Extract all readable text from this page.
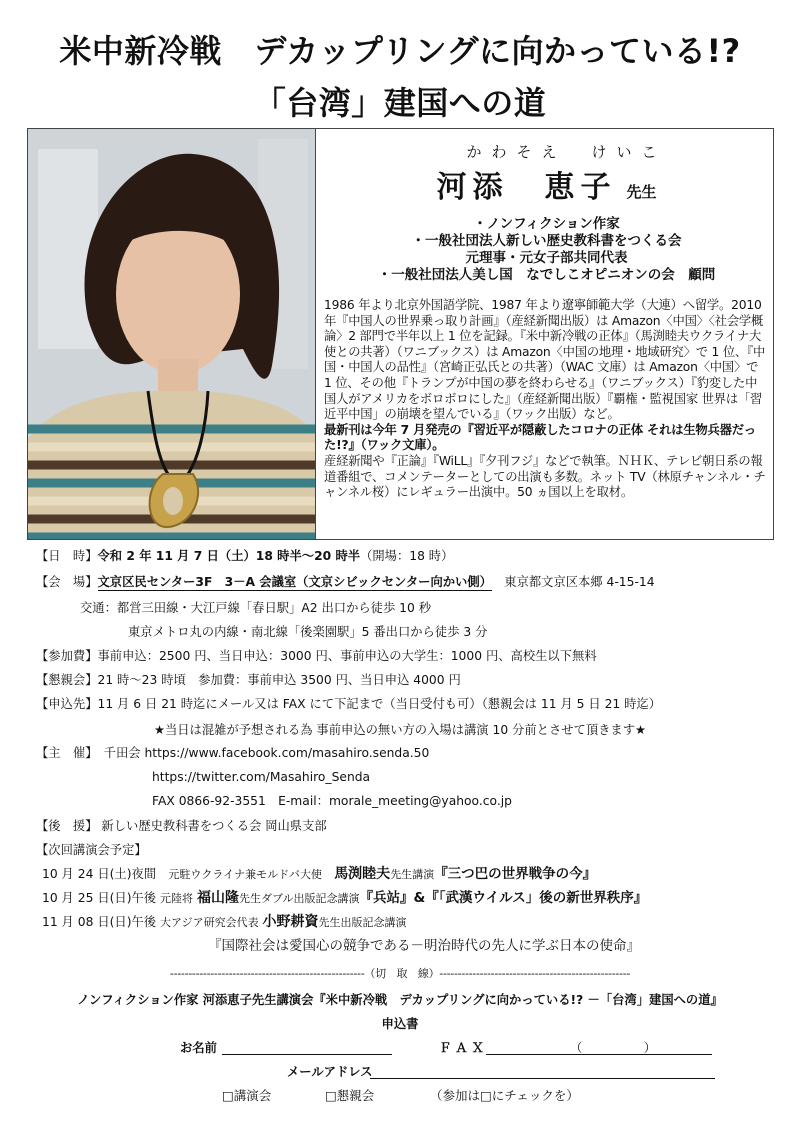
米中新冷戦　デカップリングに向かっている!?
「台湾」建国への道
かわそえ　けいこ
河添　恵子 先生
・ノンフィクション作家
・一般社団法人新しい歴史教科書をつくる会
元理事・元女子部共同代表
・一般社団法人美し国　なでしこオピニオンの会　顧問
1986 年より北京外国語学院、1987 年より遼寧師範大学（大連）へ留学。2010 年『中国人の世界乗っ取り計画』（産経新聞出版）は Amazon〈中国〉〈社会学概論〉2 部門で半年以上 1 位を記録。『米中新冷戦の正体』（馬渕睦夫ウクライナ大使との共著）（ワニブックス）は Amazon〈中国の地理・地域研究〉で 1 位、『中国・中国人の品性』（宮崎正弘氏との共著）（WAC 文庫）は Amazon〈中国〉で 1 位、その他『トランプが中国の夢を終わらせる』（ワニブックス）『豹変した中国人がアメリカをボロボロにした』（産経新聞出版）『覇権・監視国家 世界は「習近平中国」の崩壊を望んでいる』（ワック出版）など。
最新刊は今年 7 月発売の『習近平が隠蔽したコロナの正体 それは生物兵器だった!?』（ワック文庫）。
産経新聞や『正論』『WiLL』『夕刊フジ』などで執筆。ＮＨＫ、テレビ朝日系の報道番組で、コメンテーターとしての出演も多数。ネット TV（林原チャンネル・チャンネル桜）にレギュラー出演中。50 ヵ国以上を取材。
【日　時】令和 2 年 11 月 7 日（土）18 時半～20 時半（開場：18 時）
【会　場】文京区民センター3F　3－A 会議室（文京シビックセンター向かい側）　 東京都文京区本郷 4-15-14
交通：都営三田線・大江戸線「春日駅」A2 出口から徒歩 10 秒
東京メトロ丸の内線・南北線「後楽園駅」5 番出口から徒歩 3 分
【参加費】事前申込：2500 円、当日申込：3000 円、事前申込の大学生：1000 円、高校生以下無料
【懇親会】21 時～23 時頃　参加費：事前申込 3500 円、当日申込 4000 円
【申込先】11 月 6 日 21 時迄にメール又は FAX にて下記まで（当日受付も可）（懇親会は 11 月 5 日 21 時迄）
★当日は混雑が予想される為 事前申込の無い方の入場は講演 10 分前とさせて頂きます★
【主　催】　 千田会 https://www.facebook.com/masahiro.senda.50
https://twitter.com/Masahiro_Senda
FAX 0866-92-3551　E-mail：morale_meeting@yahoo.co.jp
【後　援】 新しい歴史教科書をつくる会 岡山県支部
【次回講演会予定】
10 月 24 日(土)夜間　 元駐ウクライナ兼モルドバ大使　 馬渕睦夫先生講演『三つ巴の世界戦争の今』
10 月 25 日(日)午後 元陸将 福山隆先生ダブル出版記念講演『兵站』&『「武漢ウイルス」後の新世界秩序』
11 月 08 日(日)午後 大アジア研究会代表 小野耕資先生出版記念講演
『国際社会は愛国心の競争である－明治時代の先人に学ぶ日本の使命』
-----------------------------------------------------（切　取　線）----------------------------------------------------
ノンフィクション作家 河添恵子先生講演会『米中新冷戦　デカップリングに向かっている!? －「台湾」建国への道』
申込書
お名前	ＦＡＸ	（　　　　　）
メールアドレス
□講演会	□懇親会	（参加は□にチェックを）
